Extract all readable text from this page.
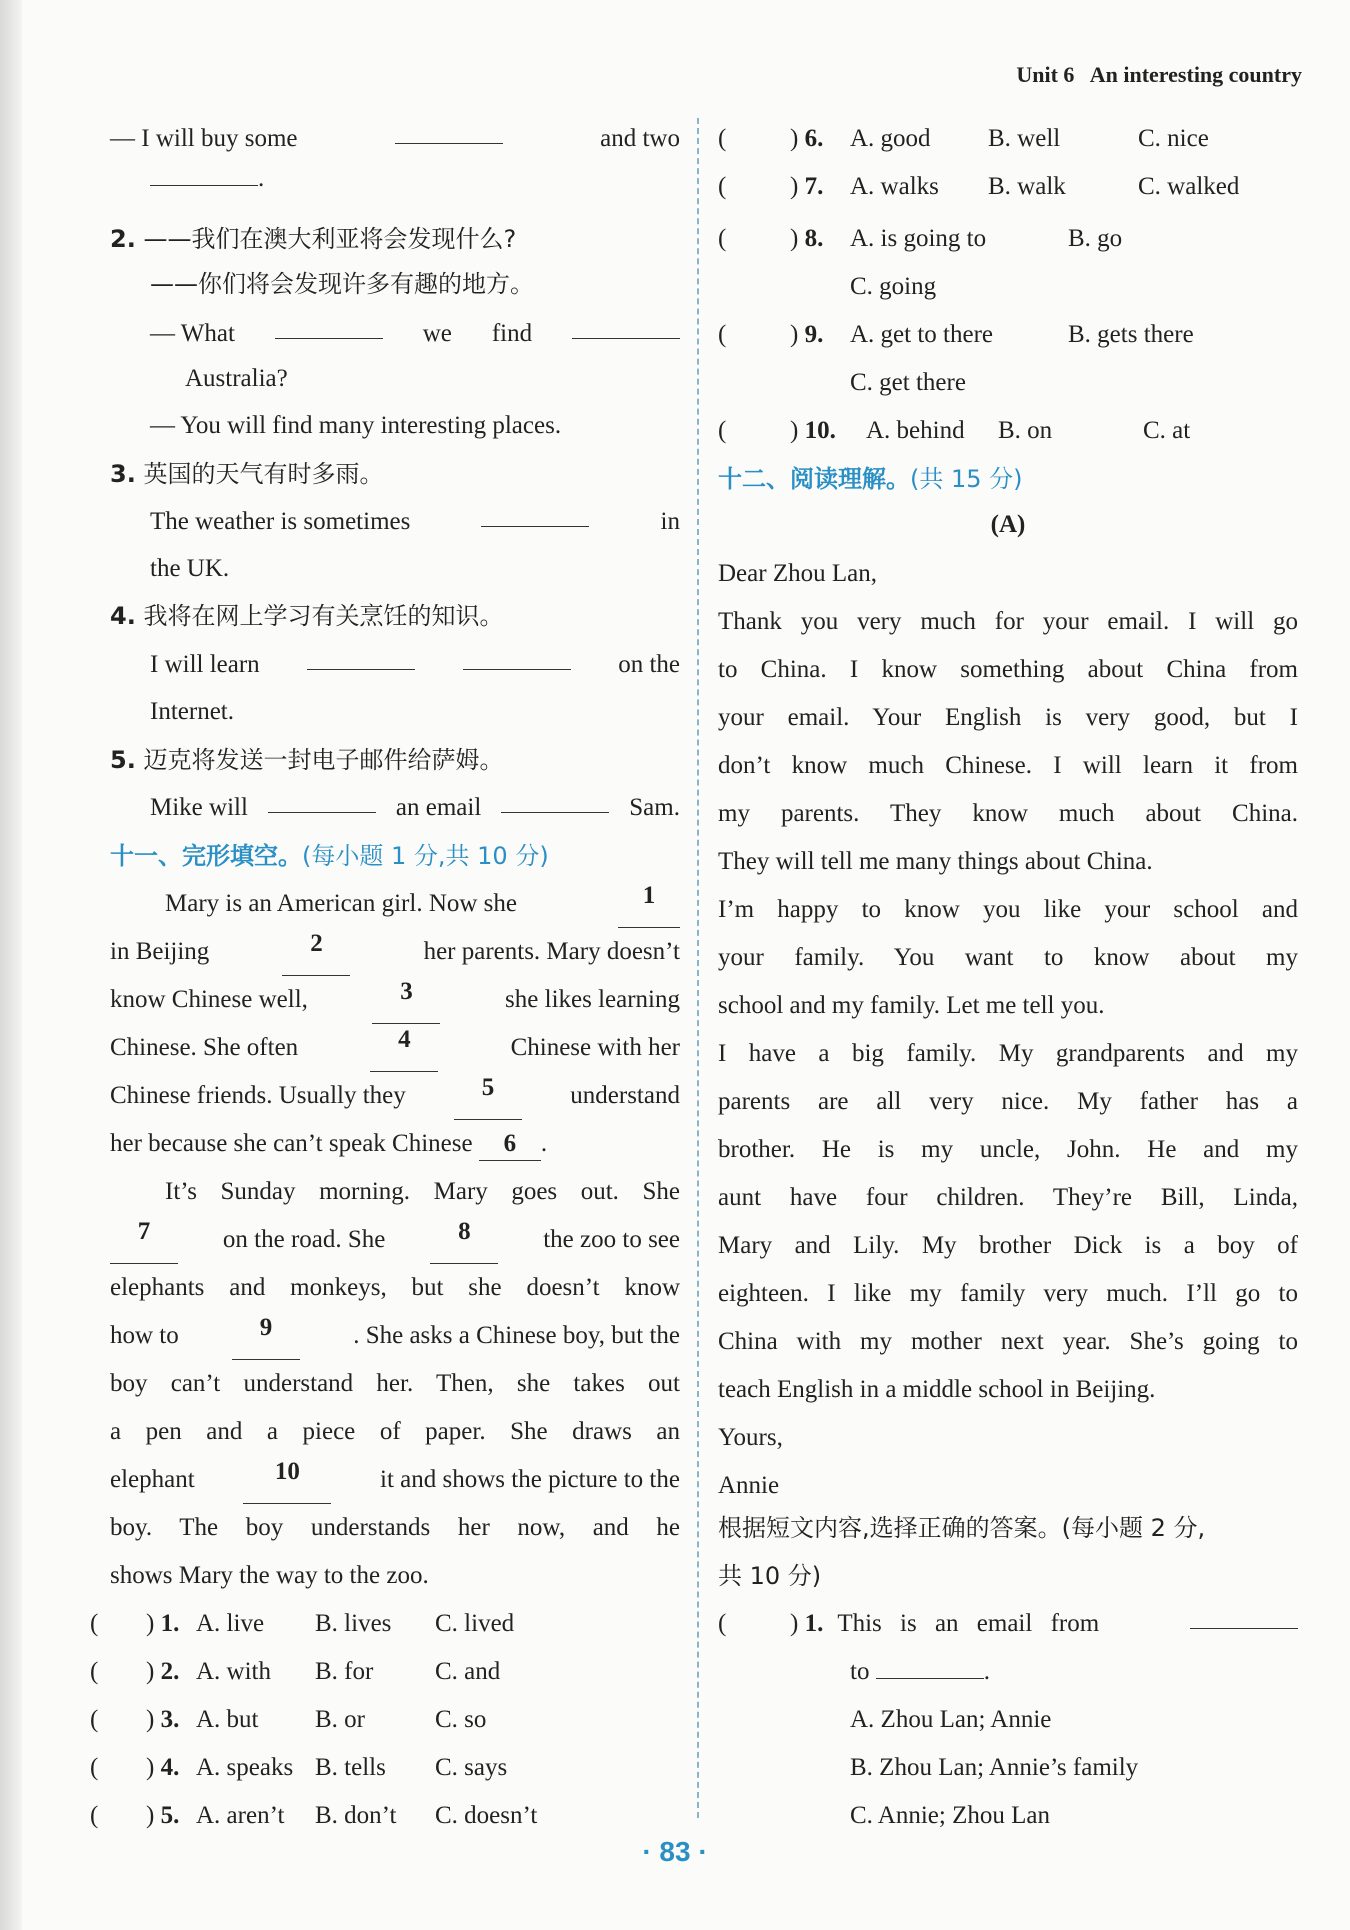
Unit 6 An interesting country
— I will buy some	and two
.
2. ——我们在澳大利亚将会发现什么?
——你们将会发现许多有趣的地方。
— What	we find
Australia?
— You will find many interesting places.
3. 英国的天气有时多雨。
The weather is sometimes	in
the UK.
4. 我将在网上学习有关烹饪的知识。
I will learn	on the
Internet.
5. 迈克将发送一封电子邮件给萨姆。
Mike will	an email	Sam.
十一、完形填空。(每小题 1 分,共 10 分)
Mary is an American girl. Now she	1
in Beijing	2	her parents. Mary doesn’t
know Chinese well,	3	she likes learning
Chinese. She often	4	Chinese with her
Chinese friends. Usually they	5	understand
her because she can’t speak Chinese 6 .
It’s Sunday morning. Mary goes out. She
7	on the road. She	8	the zoo to see
elephants and monkeys, but she doesn’t know
how to	9	. She asks a Chinese boy, but the
boy can’t understand her. Then, she takes out
a pen and a piece of paper. She draws an
elephant	10	it and shows the picture to the
boy. The boy understands her now, and he
shows Mary the way to the zoo.
( ) 1. A. live B. lives C. lived
( ) 2. A. with B. for C. and
( ) 3. A. but B. or	C. so
( ) 4. A. speaks B. tells C. says
( ) 5. A. aren’t B. don’t C. doesn’t
(	) 6. A. good B. well	C. nice
(	) 7. A. walks B. walk	C. walked
(	) 8. A. is going to	B. go
C. going
(	) 9. A. get to there	B. gets there
C. get there
(	) 10. A. behind B. on	C. at
十二、阅读理解。(共 15 分)
(A)
Dear Zhou Lan,
Thank you very much for your email. I will go
to China. I know something about China from
your email. Your English is very good, but I
don’t know much Chinese. I will learn it from
my parents. They know much about China.
They will tell me many things about China.
I’m happy to know you like your school and
your family. You want to know about my
school and my family. Let me tell you.
I have a big family. My grandparents and my
parents are all very nice. My father has a
brother. He is my uncle, John. He and my
aunt have four children. They’re Bill, Linda,
Mary and Lily. My brother Dick is a boy of
eighteen. I like my family very much. I’ll go to
China with my mother next year. She’s going to
teach English in a middle school in Beijing.
Yours,
Annie
根据短文内容,选择正确的答案。(每小题 2 分,
共 10 分)
(	) 1. This is an email from
to	.
A. Zhou Lan; Annie
B. Zhou Lan; Annie’s family
C. Annie; Zhou Lan
· 83 ·
